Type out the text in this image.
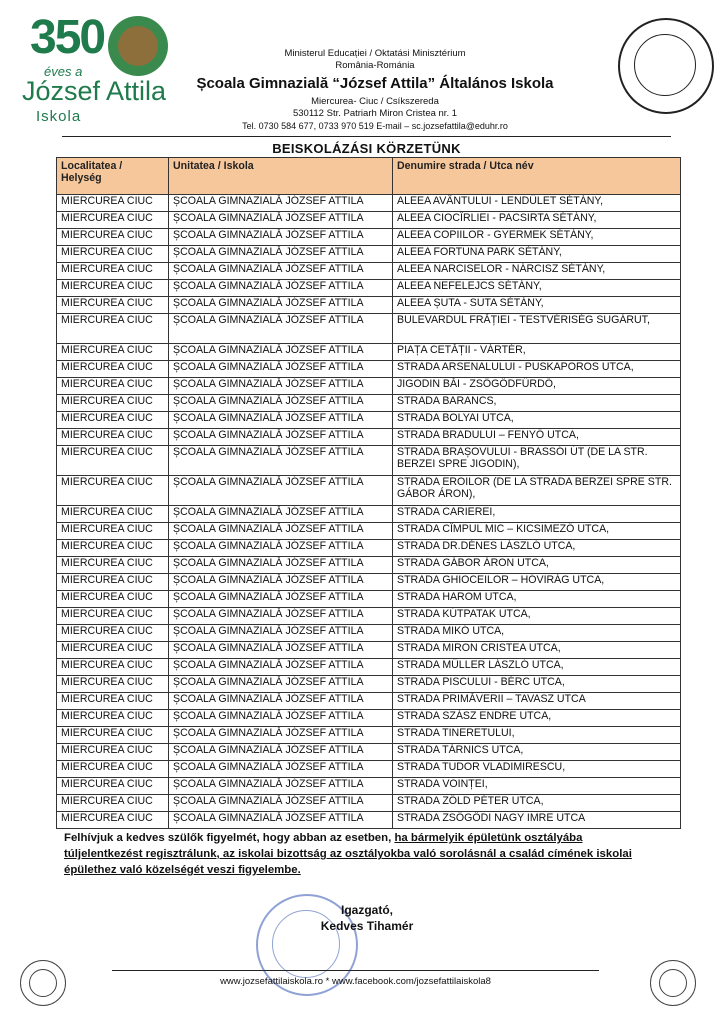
350
éves a
József Attila
Iskola
Ministerul Educației / Oktatási Minisztérium
România-Románia
Școala Gimnazială “József Attila” Általános Iskola
Miercurea- Ciuc / Csíkszereda
530112 Str. Patriarh Miron Cristea nr. 1
Tel. 0730 584 677, 0733 970 519 E-mail – sc.jozsefattila@eduhr.ro
BEISKOLÁZÁSI KÖRZETÜNK
Localitatea / Helység	Unitatea / Iskola	Denumire strada / Utca név
MIERCUREA CIUC	ȘCOALA GIMNAZIALĂ JÓZSEF ATTILA	ALEEA AVÂNTULUI - LENDÜLET SÉTÁNY,
MIERCUREA CIUC	ȘCOALA GIMNAZIALĂ JÓZSEF ATTILA	ALEEA CIOCÎRLIEI - PACSIRTA SÉTÁNY,
MIERCUREA CIUC	ȘCOALA GIMNAZIALĂ JÓZSEF ATTILA	ALEEA COPIILOR - GYERMEK SÉTÁNY,
MIERCUREA CIUC	ȘCOALA GIMNAZIALĂ JÓZSEF ATTILA	ALEEA FORTUNA PARK SÉTÁNY,
MIERCUREA CIUC	ȘCOALA GIMNAZIALĂ JÓZSEF ATTILA	ALEEA NARCISELOR - NÁRCISZ SÉTÁNY,
MIERCUREA CIUC	ȘCOALA GIMNAZIALĂ JÓZSEF ATTILA	ALEEA NEFELEJCS SÉTÁNY,
MIERCUREA CIUC	ȘCOALA GIMNAZIALĂ JÓZSEF ATTILA	ALEEA ȘUTA - SUTA SÉTÁNY,
MIERCUREA CIUC	ȘCOALA GIMNAZIALĂ JÓZSEF ATTILA	BULEVARDUL FRĂȚIEI - TESTVÉRISÉG SUGÁRUT,
MIERCUREA CIUC	ȘCOALA GIMNAZIALĂ JÓZSEF ATTILA	PIAȚA CETĂȚII - VÁRTÉR,
MIERCUREA CIUC	ȘCOALA GIMNAZIALĂ JÓZSEF ATTILA	STRADA ARSENALULUI - PUSKAPOROS UTCA,
MIERCUREA CIUC	ȘCOALA GIMNAZIALĂ JÓZSEF ATTILA	JIGODIN BĂI - ZSÖGÖDFÜRDŐ,
MIERCUREA CIUC	ȘCOALA GIMNAZIALĂ JÓZSEF ATTILA	STRADA BARANCS,
MIERCUREA CIUC	ȘCOALA GIMNAZIALĂ JÓZSEF ATTILA	STRADA BOLYAI UTCA,
MIERCUREA CIUC	ȘCOALA GIMNAZIALĂ JÓZSEF ATTILA	STRADA BRADULUI – FENYŐ UTCA,
MIERCUREA CIUC	ȘCOALA GIMNAZIALĂ JÓZSEF ATTILA	STRADA BRAȘOVULUI - BRASSÓI ÚT (DE LA STR. BERZEI SPRE JIGODIN),
MIERCUREA CIUC	ȘCOALA GIMNAZIALĂ JÓZSEF ATTILA	STRADA EROILOR (DE LA STRADA BERZEI SPRE STR. GÁBOR ÁRON),
MIERCUREA CIUC	ȘCOALA GIMNAZIALĂ JÓZSEF ATTILA	STRADA CARIEREI,
MIERCUREA CIUC	ȘCOALA GIMNAZIALĂ JÓZSEF ATTILA	STRADA CÎMPUL MIC – KICSIMEZŐ UTCA,
MIERCUREA CIUC	ȘCOALA GIMNAZIALĂ JÓZSEF ATTILA	STRADA DR.DÉNES LÁSZLÓ UTCA,
MIERCUREA CIUC	ȘCOALA GIMNAZIALĂ JÓZSEF ATTILA	STRADA GÁBOR ÁRON UTCA,
MIERCUREA CIUC	ȘCOALA GIMNAZIALĂ JÓZSEF ATTILA	STRADA GHIOCEILOR – HÓVIRÁG UTCA,
MIERCUREA CIUC	ȘCOALA GIMNAZIALĂ JÓZSEF ATTILA	STRADA HAROM UTCA,
MIERCUREA CIUC	ȘCOALA GIMNAZIALĂ JÓZSEF ATTILA	STRADA KÚTPATAK UTCA,
MIERCUREA CIUC	ȘCOALA GIMNAZIALĂ JÓZSEF ATTILA	STRADA MIKÓ UTCA,
MIERCUREA CIUC	ȘCOALA GIMNAZIALĂ JÓZSEF ATTILA	STRADA MIRON CRISTEA UTCA,
MIERCUREA CIUC	ȘCOALA GIMNAZIALĂ JÓZSEF ATTILA	STRADA MÜLLER LÁSZLÓ UTCA,
MIERCUREA CIUC	ȘCOALA GIMNAZIALĂ JÓZSEF ATTILA	STRADA PISCULUI - BÉRC UTCA,
MIERCUREA CIUC	ȘCOALA GIMNAZIALĂ JÓZSEF ATTILA	STRADA PRIMĂVERII – TAVASZ UTCA
MIERCUREA CIUC	ȘCOALA GIMNAZIALĂ JÓZSEF ATTILA	STRADA SZÁSZ ENDRE UTCA,
MIERCUREA CIUC	ȘCOALA GIMNAZIALĂ JÓZSEF ATTILA	STRADA TINERETULUI,
MIERCUREA CIUC	ȘCOALA GIMNAZIALĂ JÓZSEF ATTILA	STRADA TÁRNICS UTCA,
MIERCUREA CIUC	ȘCOALA GIMNAZIALĂ JÓZSEF ATTILA	STRADA TUDOR VLADIMIRESCU,
MIERCUREA CIUC	ȘCOALA GIMNAZIALĂ JÓZSEF ATTILA	STRADA VOINȚEI,
MIERCUREA CIUC	ȘCOALA GIMNAZIALĂ JÓZSEF ATTILA	STRADA ZÖLD PÉTER UTCA,
MIERCUREA CIUC	ȘCOALA GIMNAZIALĂ JÓZSEF ATTILA	STRADA ZSÖGÖDI NAGY IMRE UTCA
Felhívjuk a kedves szülők figyelmét, hogy abban az esetben, ha bármelyik épületünk osztályába túljelentkezést regisztrálunk, az iskolai bizottság az osztályokba való sorolásnál a család címének iskolai épülethez való közelségét veszi figyelembe.
Igazgató,
Kedves Tihamér
www.jozsefattilaiskola.ro * www.facebook.com/jozsefattilaiskola8
